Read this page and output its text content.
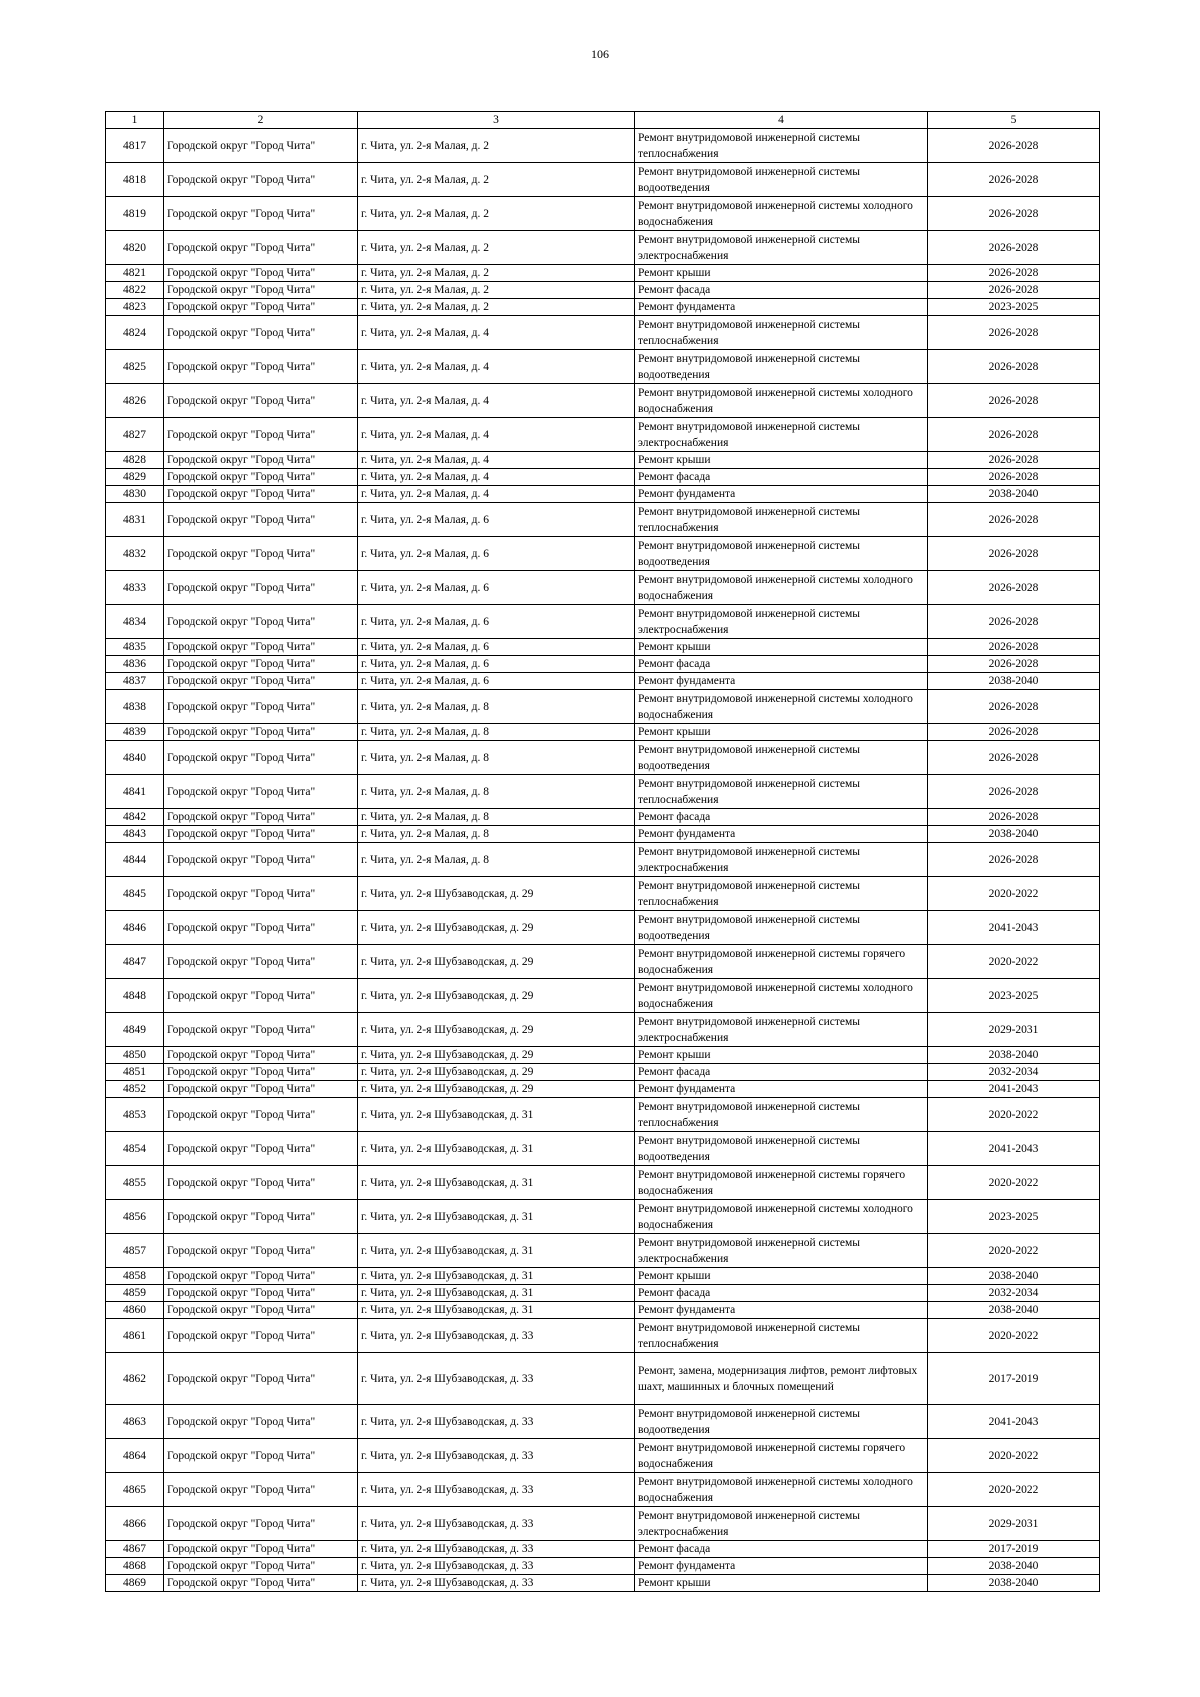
106
1	2	3	4	5
4817	Городской округ "Город Чита"	г. Чита, ул. 2-я Малая, д. 2	Ремонт внутридомовой инженерной системы теплоснабжения	2026-2028
4818	Городской округ "Город Чита"	г. Чита, ул. 2-я Малая, д. 2	Ремонт внутридомовой инженерной системы водоотведения	2026-2028
4819	Городской округ "Город Чита"	г. Чита, ул. 2-я Малая, д. 2	Ремонт внутридомовой инженерной системы холодного водоснабжения	2026-2028
4820	Городской округ "Город Чита"	г. Чита, ул. 2-я Малая, д. 2	Ремонт внутридомовой инженерной системы электроснабжения	2026-2028
4821	Городской округ "Город Чита"	г. Чита, ул. 2-я Малая, д. 2	Ремонт крыши	2026-2028
4822	Городской округ "Город Чита"	г. Чита, ул. 2-я Малая, д. 2	Ремонт фасада	2026-2028
4823	Городской округ "Город Чита"	г. Чита, ул. 2-я Малая, д. 2	Ремонт фундамента	2023-2025
4824	Городской округ "Город Чита"	г. Чита, ул. 2-я Малая, д. 4	Ремонт внутридомовой инженерной системы теплоснабжения	2026-2028
4825	Городской округ "Город Чита"	г. Чита, ул. 2-я Малая, д. 4	Ремонт внутридомовой инженерной системы водоотведения	2026-2028
4826	Городской округ "Город Чита"	г. Чита, ул. 2-я Малая, д. 4	Ремонт внутридомовой инженерной системы холодного водоснабжения	2026-2028
4827	Городской округ "Город Чита"	г. Чита, ул. 2-я Малая, д. 4	Ремонт внутридомовой инженерной системы электроснабжения	2026-2028
4828	Городской округ "Город Чита"	г. Чита, ул. 2-я Малая, д. 4	Ремонт крыши	2026-2028
4829	Городской округ "Город Чита"	г. Чита, ул. 2-я Малая, д. 4	Ремонт фасада	2026-2028
4830	Городской округ "Город Чита"	г. Чита, ул. 2-я Малая, д. 4	Ремонт фундамента	2038-2040
4831	Городской округ "Город Чита"	г. Чита, ул. 2-я Малая, д. 6	Ремонт внутридомовой инженерной системы теплоснабжения	2026-2028
4832	Городской округ "Город Чита"	г. Чита, ул. 2-я Малая, д. 6	Ремонт внутридомовой инженерной системы водоотведения	2026-2028
4833	Городской округ "Город Чита"	г. Чита, ул. 2-я Малая, д. 6	Ремонт внутридомовой инженерной системы холодного водоснабжения	2026-2028
4834	Городской округ "Город Чита"	г. Чита, ул. 2-я Малая, д. 6	Ремонт внутридомовой инженерной системы электроснабжения	2026-2028
4835	Городской округ "Город Чита"	г. Чита, ул. 2-я Малая, д. 6	Ремонт крыши	2026-2028
4836	Городской округ "Город Чита"	г. Чита, ул. 2-я Малая, д. 6	Ремонт фасада	2026-2028
4837	Городской округ "Город Чита"	г. Чита, ул. 2-я Малая, д. 6	Ремонт фундамента	2038-2040
4838	Городской округ "Город Чита"	г. Чита, ул. 2-я Малая, д. 8	Ремонт внутридомовой инженерной системы холодного водоснабжения	2026-2028
4839	Городской округ "Город Чита"	г. Чита, ул. 2-я Малая, д. 8	Ремонт крыши	2026-2028
4840	Городской округ "Город Чита"	г. Чита, ул. 2-я Малая, д. 8	Ремонт внутридомовой инженерной системы водоотведения	2026-2028
4841	Городской округ "Город Чита"	г. Чита, ул. 2-я Малая, д. 8	Ремонт внутридомовой инженерной системы теплоснабжения	2026-2028
4842	Городской округ "Город Чита"	г. Чита, ул. 2-я Малая, д. 8	Ремонт фасада	2026-2028
4843	Городской округ "Город Чита"	г. Чита, ул. 2-я Малая, д. 8	Ремонт фундамента	2038-2040
4844	Городской округ "Город Чита"	г. Чита, ул. 2-я Малая, д. 8	Ремонт внутридомовой инженерной системы электроснабжения	2026-2028
4845	Городской округ "Город Чита"	г. Чита, ул. 2-я Шубзаводская, д. 29	Ремонт внутридомовой инженерной системы теплоснабжения	2020-2022
4846	Городской округ "Город Чита"	г. Чита, ул. 2-я Шубзаводская, д. 29	Ремонт внутридомовой инженерной системы водоотведения	2041-2043
4847	Городской округ "Город Чита"	г. Чита, ул. 2-я Шубзаводская, д. 29	Ремонт внутридомовой инженерной системы горячего водоснабжения	2020-2022
4848	Городской округ "Город Чита"	г. Чита, ул. 2-я Шубзаводская, д. 29	Ремонт внутридомовой инженерной системы холодного водоснабжения	2023-2025
4849	Городской округ "Город Чита"	г. Чита, ул. 2-я Шубзаводская, д. 29	Ремонт внутридомовой инженерной системы электроснабжения	2029-2031
4850	Городской округ "Город Чита"	г. Чита, ул. 2-я Шубзаводская, д. 29	Ремонт крыши	2038-2040
4851	Городской округ "Город Чита"	г. Чита, ул. 2-я Шубзаводская, д. 29	Ремонт фасада	2032-2034
4852	Городской округ "Город Чита"	г. Чита, ул. 2-я Шубзаводская, д. 29	Ремонт фундамента	2041-2043
4853	Городской округ "Город Чита"	г. Чита, ул. 2-я Шубзаводская, д. 31	Ремонт внутридомовой инженерной системы теплоснабжения	2020-2022
4854	Городской округ "Город Чита"	г. Чита, ул. 2-я Шубзаводская, д. 31	Ремонт внутридомовой инженерной системы водоотведения	2041-2043
4855	Городской округ "Город Чита"	г. Чита, ул. 2-я Шубзаводская, д. 31	Ремонт внутридомовой инженерной системы горячего водоснабжения	2020-2022
4856	Городской округ "Город Чита"	г. Чита, ул. 2-я Шубзаводская, д. 31	Ремонт внутридомовой инженерной системы холодного водоснабжения	2023-2025
4857	Городской округ "Город Чита"	г. Чита, ул. 2-я Шубзаводская, д. 31	Ремонт внутридомовой инженерной системы электроснабжения	2020-2022
4858	Городской округ "Город Чита"	г. Чита, ул. 2-я Шубзаводская, д. 31	Ремонт крыши	2038-2040
4859	Городской округ "Город Чита"	г. Чита, ул. 2-я Шубзаводская, д. 31	Ремонт фасада	2032-2034
4860	Городской округ "Город Чита"	г. Чита, ул. 2-я Шубзаводская, д. 31	Ремонт фундамента	2038-2040
4861	Городской округ "Город Чита"	г. Чита, ул. 2-я Шубзаводская, д. 33	Ремонт внутридомовой инженерной системы теплоснабжения	2020-2022
4862	Городской округ "Город Чита"	г. Чита, ул. 2-я Шубзаводская, д. 33	Ремонт, замена, модернизация лифтов, ремонт лифтовых шахт, машинных и блочных помещений	2017-2019
4863	Городской округ "Город Чита"	г. Чита, ул. 2-я Шубзаводская, д. 33	Ремонт внутридомовой инженерной системы водоотведения	2041-2043
4864	Городской округ "Город Чита"	г. Чита, ул. 2-я Шубзаводская, д. 33	Ремонт внутридомовой инженерной системы горячего водоснабжения	2020-2022
4865	Городской округ "Город Чита"	г. Чита, ул. 2-я Шубзаводская, д. 33	Ремонт внутридомовой инженерной системы холодного водоснабжения	2020-2022
4866	Городской округ "Город Чита"	г. Чита, ул. 2-я Шубзаводская, д. 33	Ремонт внутридомовой инженерной системы электроснабжения	2029-2031
4867	Городской округ "Город Чита"	г. Чита, ул. 2-я Шубзаводская, д. 33	Ремонт фасада	2017-2019
4868	Городской округ "Город Чита"	г. Чита, ул. 2-я Шубзаводская, д. 33	Ремонт фундамента	2038-2040
4869	Городской округ "Город Чита"	г. Чита, ул. 2-я Шубзаводская, д. 33	Ремонт крыши	2038-2040
